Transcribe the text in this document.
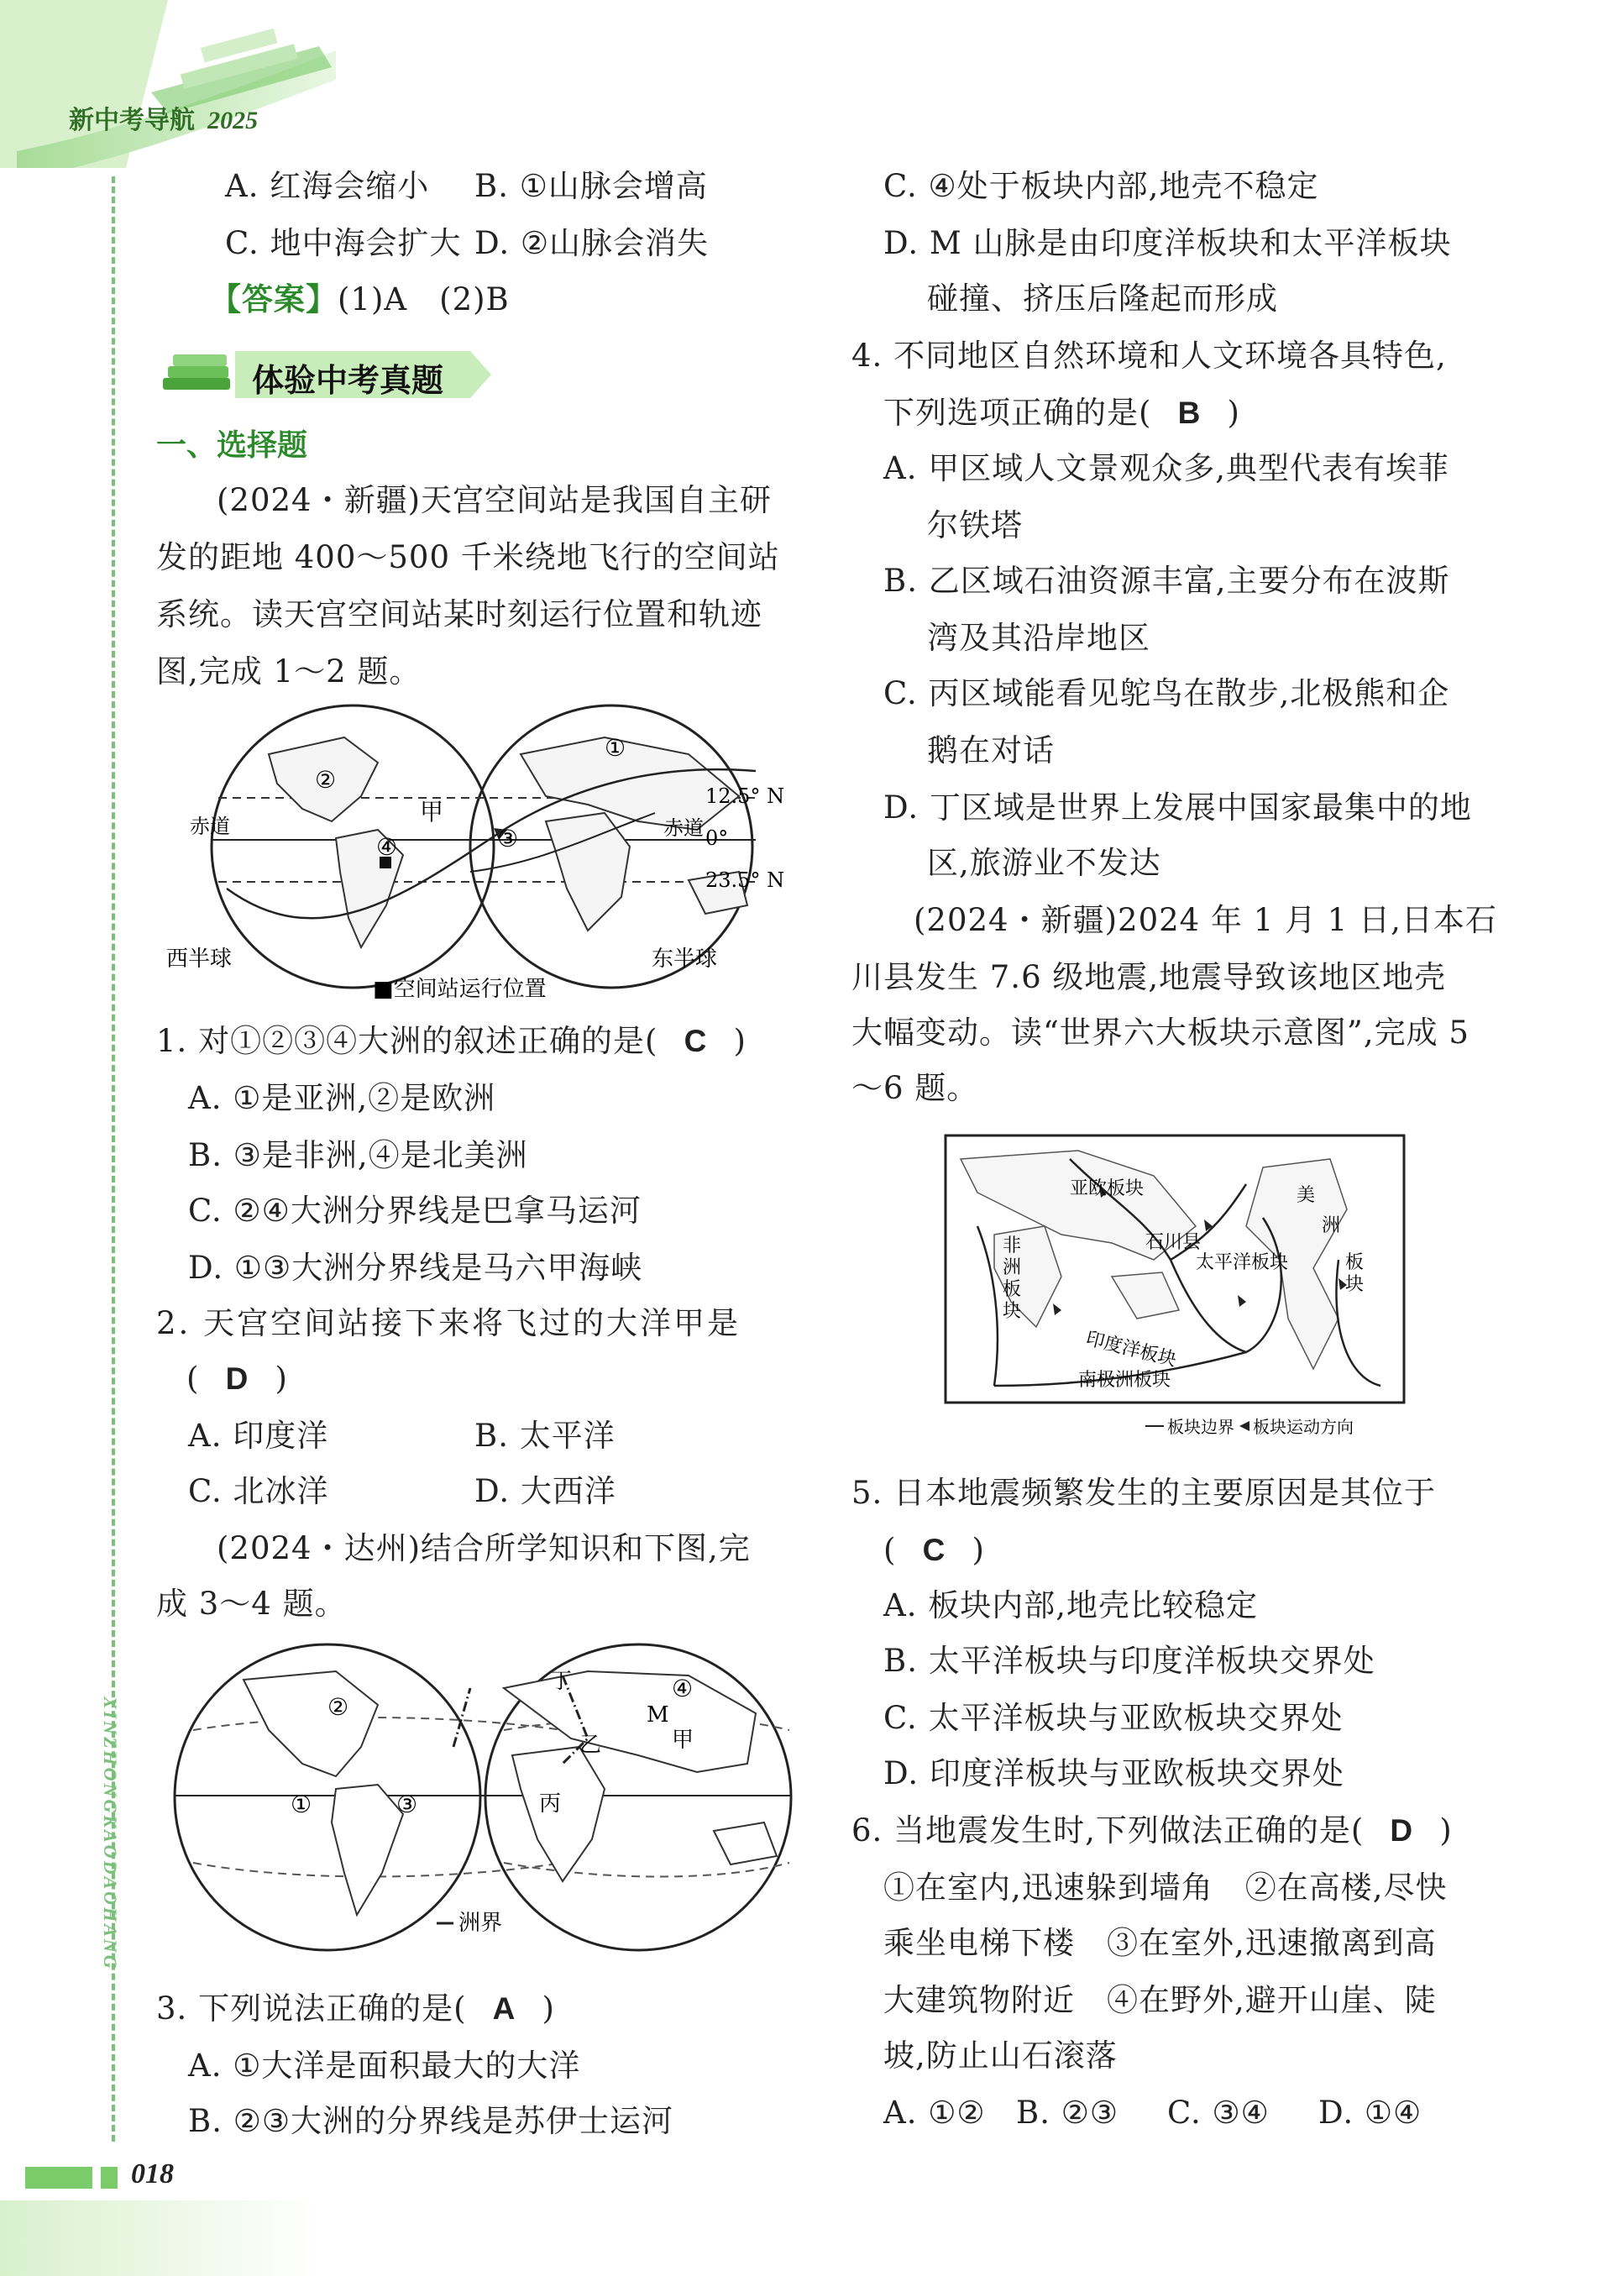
新中考导航 2025
XINZHONGKAODAOHANG
A. 红海会缩小 B. ①山脉会增高
C. 地中海会扩大 D. ②山脉会消失
【答案】(1)A　(2)B
体验中考真题
一、选择题
(2024・新疆)天宫空间站是我国自主研
发的距地 400～500 千米绕地飞行的空间站
系统。读天宫空间站某时刻运行位置和轨迹
图,完成 1～2 题。
②
①
③
④
甲
赤道	赤道
12.5° N
0°
23.5° N
西半球	东半球
■空间站运行位置
1. 对①②③④大洲的叙述正确的是( C )
A. ①是亚洲,②是欧洲
B. ③是非洲,④是北美洲
C. ②④大洲分界线是巴拿马运河
D. ①③大洲分界线是马六甲海峡
2. 天宫空间站接下来将飞过的大洋甲是
( D )
A. 印度洋	B. 太平洋
C. 北冰洋	D. 大西洋
(2024・达州)结合所学知识和下图,完
成 3～4 题。
②
①	③
④
丁
M
乙	甲
丙
洲界
3. 下列说法正确的是( A )
A. ①大洋是面积最大的大洋
B. ②③大洲的分界线是苏伊士运河
C. ④处于板块内部,地壳不稳定
D. M 山脉是由印度洋板块和太平洋板块
碰撞、挤压后隆起而形成
4. 不同地区自然环境和人文环境各具特色,
下列选项正确的是( B )
A. 甲区域人文景观众多,典型代表有埃菲
尔铁塔
B. 乙区域石油资源丰富,主要分布在波斯
湾及其沿岸地区
C. 丙区域能看见鸵鸟在散步,北极熊和企
鹅在对话
D. 丁区域是世界上发展中国家最集中的地
区,旅游业不发达
(2024・新疆)2024 年 1 月 1 日,日本石
川县发生 7.6 级地震,地震导致该地区地壳
大幅变动。读“世界六大板块示意图”,完成 5
～6 题。
亚欧板块
非
洲
板
块
石川县
太平洋板块
印度洋板块
南极洲板块
美
洲
板
块
板块边界 板块运动方向
5. 日本地震频繁发生的主要原因是其位于
( C )
A. 板块内部,地壳比较稳定
B. 太平洋板块与印度洋板块交界处
C. 太平洋板块与亚欧板块交界处
D. 印度洋板块与亚欧板块交界处
6. 当地震发生时,下列做法正确的是( D )
①在室内,迅速躲到墙角　②在高楼,尽快
乘坐电梯下楼　③在室外,迅速撤离到高
大建筑物附近　④在野外,避开山崖、陡
坡,防止山石滚落
A. ①② B. ②③ C. ③④ D. ①④
018
